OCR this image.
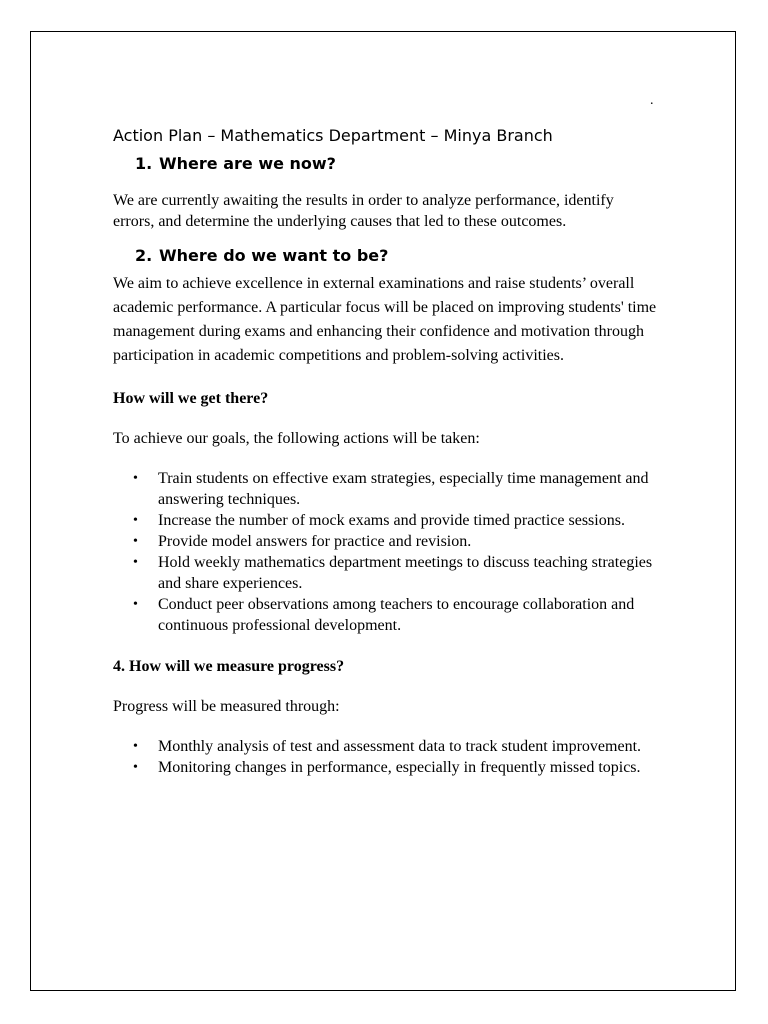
.
Action Plan – Mathematics Department – Minya Branch
1. Where are we now?

We are currently awaiting the results in order to analyze performance, identify errors, and determine the underlying causes that led to these outcomes.

2. Where do we want to be?

We aim to achieve excellence in external examinations and raise students’ overall academic performance. A particular focus will be placed on improving students' time management during exams and enhancing their confidence and motivation through participation in academic competitions and problem-solving activities.

How will we get there?

To achieve our goals, the following actions will be taken:

• Train students on effective exam strategies, especially time management and answering techniques.
• Increase the number of mock exams and provide timed practice sessions.
• Provide model answers for practice and revision.
• Hold weekly mathematics department meetings to discuss teaching strategies and share experiences.
• Conduct peer observations among teachers to encourage collaboration and continuous professional development.

4. How will we measure progress?

Progress will be measured through:

• Monthly analysis of test and assessment data to track student improvement.
• Monitoring changes in performance, especially in frequently missed topics.
